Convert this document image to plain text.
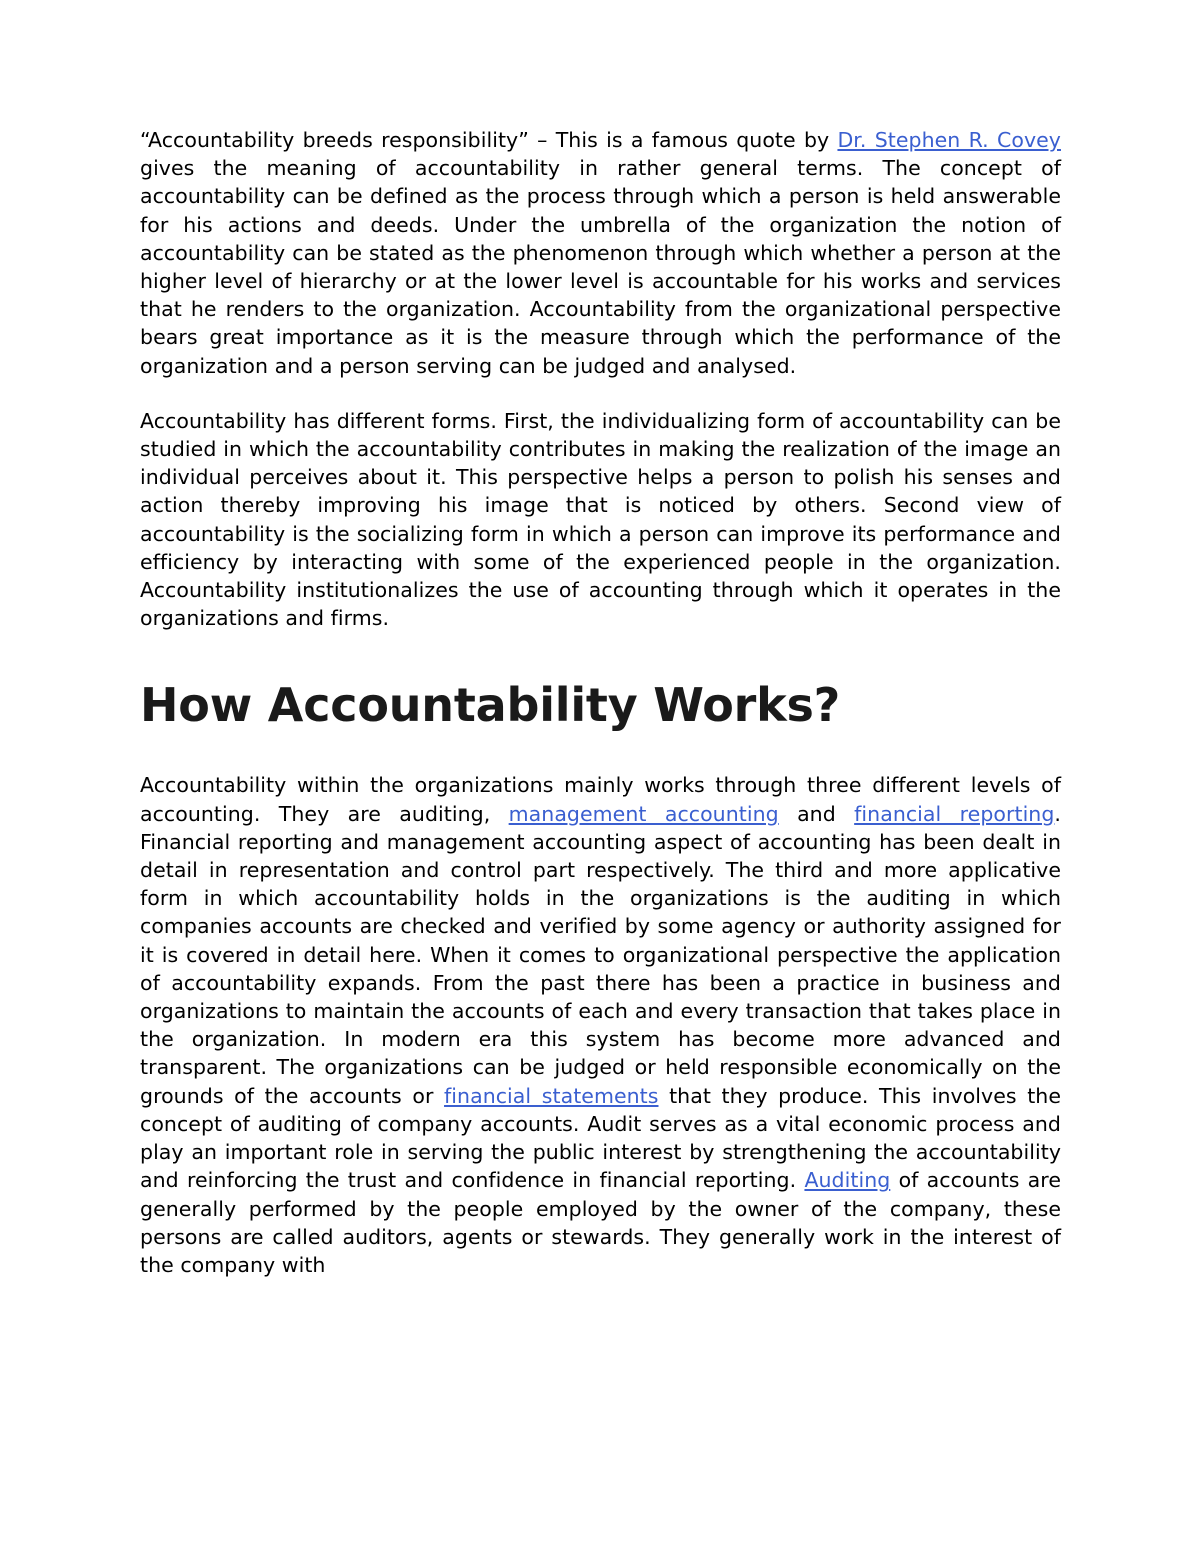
“Accountability breeds responsibility” – This is a famous quote by Dr. Stephen R. Covey gives the meaning of accountability in rather general terms. The concept of accountability can be defined as the process through which a person is held answerable for his actions and deeds. Under the umbrella of the organization the notion of accountability can be stated as the phenomenon through which whether a person at the higher level of hierarchy or at the lower level is accountable for his works and services that he renders to the organization. Accountability from the organizational perspective bears great importance as it is the measure through which the performance of the organization and a person serving can be judged and analysed.

Accountability has different forms. First, the individualizing form of accountability can be studied in which the accountability contributes in making the realization of the image an individual perceives about it. This perspective helps a person to polish his senses and action thereby improving his image that is noticed by others. Second view of accountability is the socializing form in which a person can improve its performance and efficiency by interacting with some of the experienced people in the organization. Accountability institutionalizes the use of accounting through which it operates in the organizations and firms.

How Accountability Works?

Accountability within the organizations mainly works through three different levels of accounting. They are auditing, management accounting and financial reporting. Financial reporting and management accounting aspect of accounting has been dealt in detail in representation and control part respectively. The third and more applicative form in which accountability holds in the organizations is the auditing in which companies accounts are checked and verified by some agency or authority assigned for it is covered in detail here. When it comes to organizational perspective the application of accountability expands. From the past there has been a practice in business and organizations to maintain the accounts of each and every transaction that takes place in the organization. In modern era this system has become more advanced and transparent. The organizations can be judged or held responsible economically on the grounds of the accounts or financial statements that they produce. This involves the concept of auditing of company accounts. Audit serves as a vital economic process and play an important role in serving the public interest by strengthening the accountability and reinforcing the trust and confidence in financial reporting. Auditing of accounts are generally performed by the people employed by the owner of the company, these persons are called auditors, agents or stewards. They generally work in the interest of the company with
